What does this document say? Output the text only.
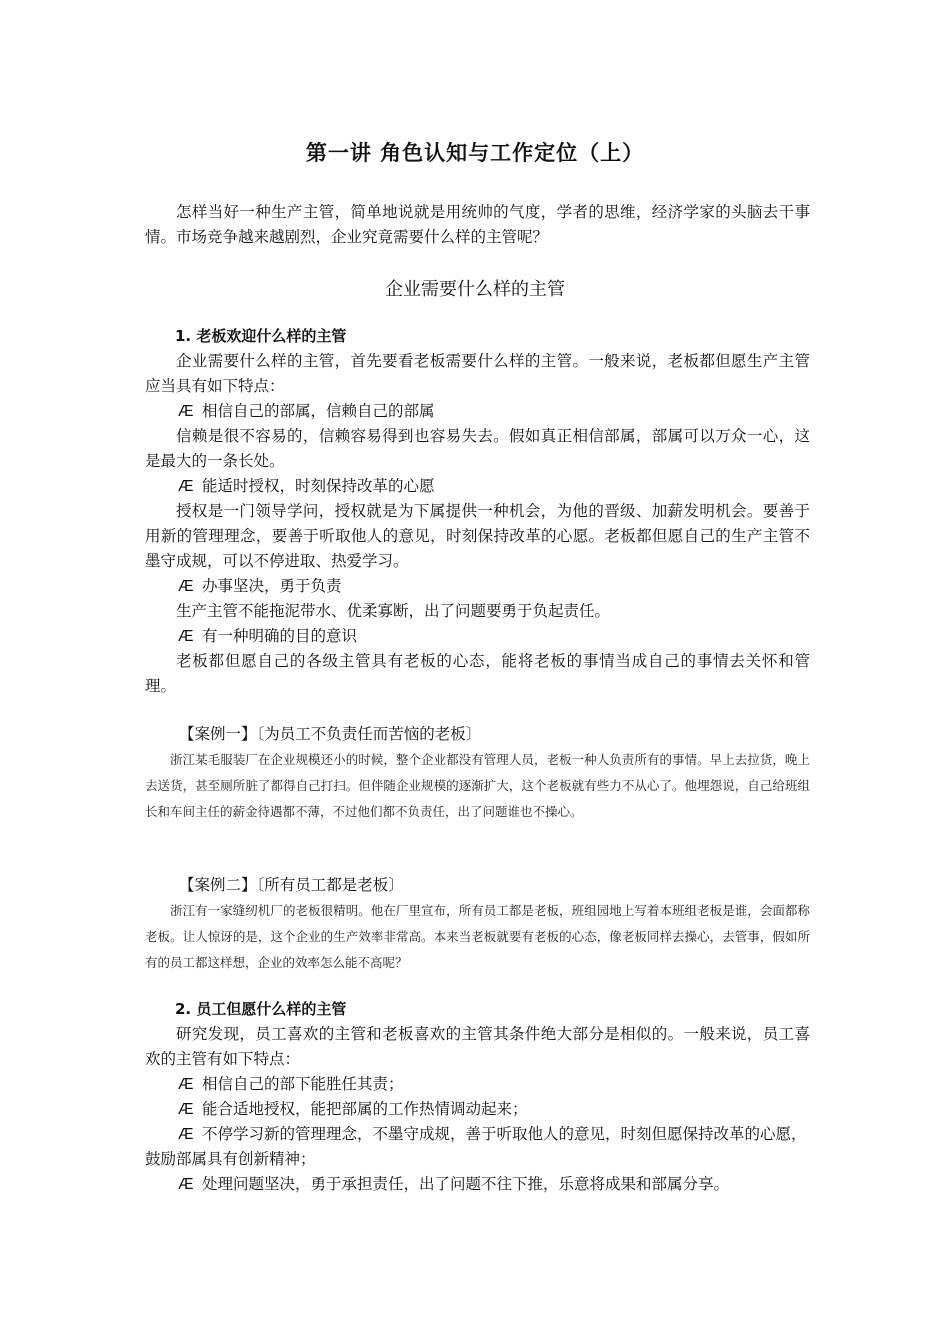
第一讲 角色认知与工作定位（上）

怎样当好一种生产主管，简单地说就是用统帅的气度，学者的思维，经济学家的头脑去干事情。市场竞争越来越剧烈，企业究竟需要什么样的主管呢？

企业需要什么样的主管

1. 老板欢迎什么样的主管

企业需要什么样的主管，首先要看老板需要什么样的主管。一般来说，老板都但愿生产主管应当具有如下特点：

Æ 相信自己的部属，信赖自己的部属

信赖是很不容易的，信赖容易得到也容易失去。假如真正相信部属，部属可以万众一心，这是最大的一条长处。

Æ 能适时授权，时刻保持改革的心愿

授权是一门领导学问，授权就是为下属提供一种机会，为他的晋级、加薪发明机会。要善于用新的管理理念，要善于听取他人的意见，时刻保持改革的心愿。老板都但愿自己的生产主管不墨守成规，可以不停进取、热爱学习。

Æ 办事坚决，勇于负责

生产主管不能拖泥带水、优柔寡断，出了问题要勇于负起责任。

Æ 有一种明确的目的意识

老板都但愿自己的各级主管具有老板的心态，能将老板的事情当成自己的事情去关怀和管理。

【案例一】〔为员工不负责任而苦恼的老板〕

浙江某毛服装厂在企业规模还小的时候，整个企业都没有管理人员，老板一种人负责所有的事情。早上去拉货，晚上去送货，甚至厕所脏了都得自己打扫。但伴随企业规模的逐渐扩大，这个老板就有些力不从心了。他埋怨说，自己给班组长和车间主任的薪金待遇都不薄，不过他们都不负责任，出了问题谁也不操心。

【案例二】〔所有员工都是老板〕

浙江有一家缝纫机厂的老板很精明。他在厂里宣布，所有员工都是老板，班组园地上写着本班组老板是谁，会面都称老板。让人惊讶的是，这个企业的生产效率非常高。本来当老板就要有老板的心态，像老板同样去操心，去管事，假如所有的员工都这样想，企业的效率怎么能不高呢？

2. 员工但愿什么样的主管

研究发现，员工喜欢的主管和老板喜欢的主管其条件绝大部分是相似的。一般来说，员工喜欢的主管有如下特点：

Æ 相信自己的部下能胜任其责；

Æ 能合适地授权，能把部属的工作热情调动起来；

Æ 不停学习新的管理理念，不墨守成规，善于听取他人的意见，时刻但愿保持改革的心愿，鼓励部属具有创新精神；

Æ 处理问题坚决，勇于承担责任，出了问题不往下推，乐意将成果和部属分享。
